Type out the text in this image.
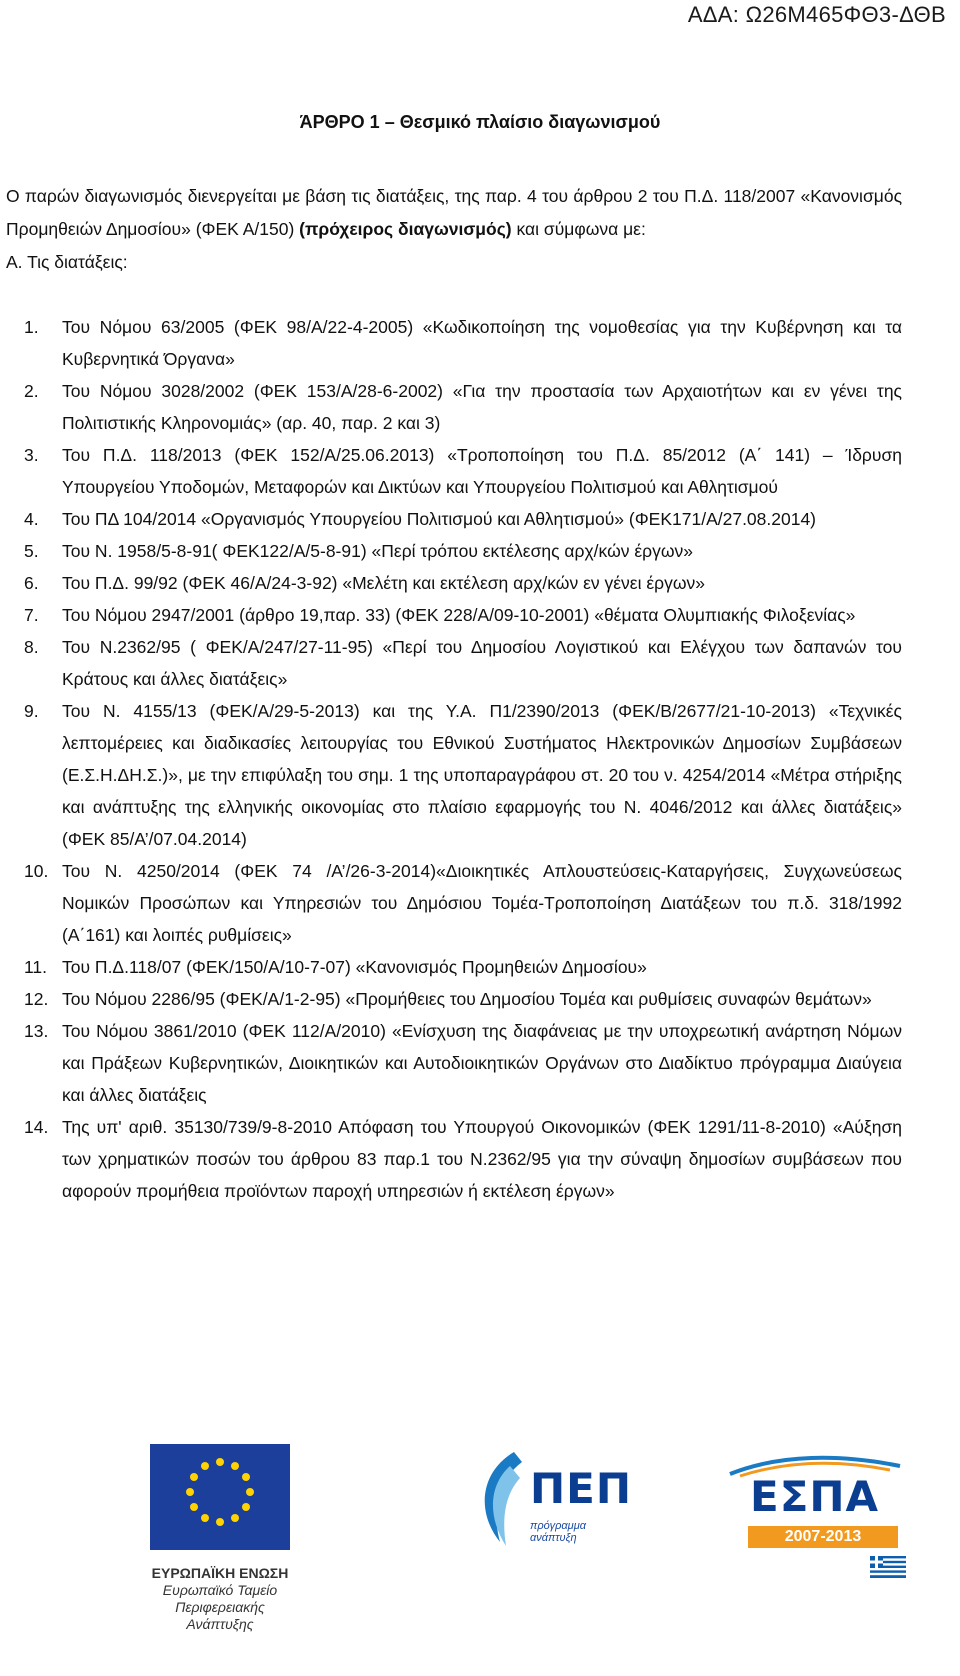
ΑΔΑ: Ω26Μ465ΦΘ3-ΔΘΒ
ΆΡΘΡΟ 1 – Θεσμικό πλαίσιο διαγωνισμού

Ο παρών διαγωνισμός διενεργείται με βάση τις διατάξεις, της παρ. 4 του άρθρου 2 του Π.Δ. 118/2007 «Κανονισμός Προμηθειών Δημοσίου» (ΦΕΚ Α/150) (πρόχειρος διαγωνισμός) και σύμφωνα με:

Α. Τις διατάξεις:

1. Του Νόμου 63/2005 (ΦΕΚ 98/Α/22-4-2005) «Κωδικοποίηση της νομοθεσίας για την Κυβέρνηση και τα Κυβερνητικά Όργανα»
2. Του Νόμου 3028/2002 (ΦΕΚ 153/Α/28-6-2002) «Για την προστασία των Αρχαιοτήτων και εν γένει της Πολιτιστικής Κληρονομιάς» (αρ. 40, παρ. 2 και 3)
3. Του Π.Δ. 118/2013 (ΦΕΚ 152/Α/25.06.2013) «Τροποποίηση του Π.Δ. 85/2012 (Α΄ 141) – Ίδρυση Υπουργείου Υποδομών, Μεταφορών και Δικτύων και Υπουργείου Πολιτισμού και Αθλητισμού
4. Του ΠΔ 104/2014 «Οργανισμός Υπουργείου Πολιτισμού και Αθλητισμού» (ΦΕΚ171/Α/27.08.2014)
5. Του Ν. 1958/5-8-91( ΦΕΚ122/Α/5-8-91) «Περί τρόπου εκτέλεσης αρχ/κών έργων»
6. Του Π.Δ. 99/92 (ΦΕΚ 46/Α/24-3-92) «Μελέτη και εκτέλεση αρχ/κών εν γένει έργων»
7. Του Νόμου 2947/2001 (άρθρο 19,παρ. 33) (ΦΕΚ 228/Α/09-10-2001) «θέματα Ολυμπιακής Φιλοξενίας»
8. Του Ν.2362/95 ( ΦΕΚ/Α/247/27-11-95) «Περί του Δημοσίου Λογιστικού και Ελέγχου των δαπανών του Κράτους και άλλες διατάξεις»
9. Του Ν. 4155/13 (ΦΕΚ/Α/29-5-2013) και της Υ.Α. Π1/2390/2013 (ΦΕΚ/Β/2677/21-10-2013) «Τεχνικές λεπτομέρειες και διαδικασίες λειτουργίας του Εθνικού Συστήματος Ηλεκτρονικών Δημοσίων Συμβάσεων (Ε.Σ.Η.ΔΗ.Σ.)», με την επιφύλαξη του σημ. 1 της υποπαραγράφου στ. 20 του ν. 4254/2014 «Μέτρα στήριξης και ανάπτυξης της ελληνικής οικονομίας στο πλαίσιο εφαρμογής του Ν. 4046/2012 και άλλες διατάξεις» (ΦΕΚ 85/Α’/07.04.2014)
10. Του Ν. 4250/2014 (ΦΕΚ 74 /Α’/26-3-2014)«Διοικητικές Απλουστεύσεις-Καταργήσεις, Συγχωνεύσεως Νομικών Προσώπων και Υπηρεσιών του Δημόσιου Τομέα-Τροποποίηση Διατάξεων του π.δ. 318/1992 (Α΄161) και λοιπές ρυθμίσεις»
11. Του Π.Δ.118/07 (ΦΕΚ/150/Α/10-7-07) «Κανονισμός Προμηθειών Δημοσίου»
12. Του Νόμου 2286/95 (ΦΕΚ/Α/1-2-95) «Προμήθειες του Δημοσίου Τομέα και ρυθμίσεις συναφών θεμάτων»
13. Του Νόμου 3861/2010 (ΦΕΚ 112/Α/2010) «Ενίσχυση της διαφάνειας με την υποχρεωτική ανάρτηση Νόμων και Πράξεων Κυβερνητικών, Διοικητικών και Αυτοδιοικητικών Οργάνων στο Διαδίκτυο πρόγραμμα Διαύγεια και άλλες διατάξεις
14. Της υπ' αριθ. 35130/739/9-8-2010 Απόφαση του Υπουργού Οικονομικών (ΦΕΚ 1291/11-8-2010) «Αύξηση των χρηματικών ποσών του άρθρου 83 παρ.1 του Ν.2362/95 για την σύναψη δημοσίων συμβάσεων που αφορούν προμήθεια προϊόντων παροχή υπηρεσιών ή εκτέλεση έργων»
ΕΥΡΩΠΑΪΚΗ ΕΝΩΣΗ
Ευρωπαϊκό Ταμείο
Περιφερειακής Ανάπτυξης
ΠΕΠ
πρόγραμμα
ανάπτυξη
ΕΣΠΑ
2007-2013
